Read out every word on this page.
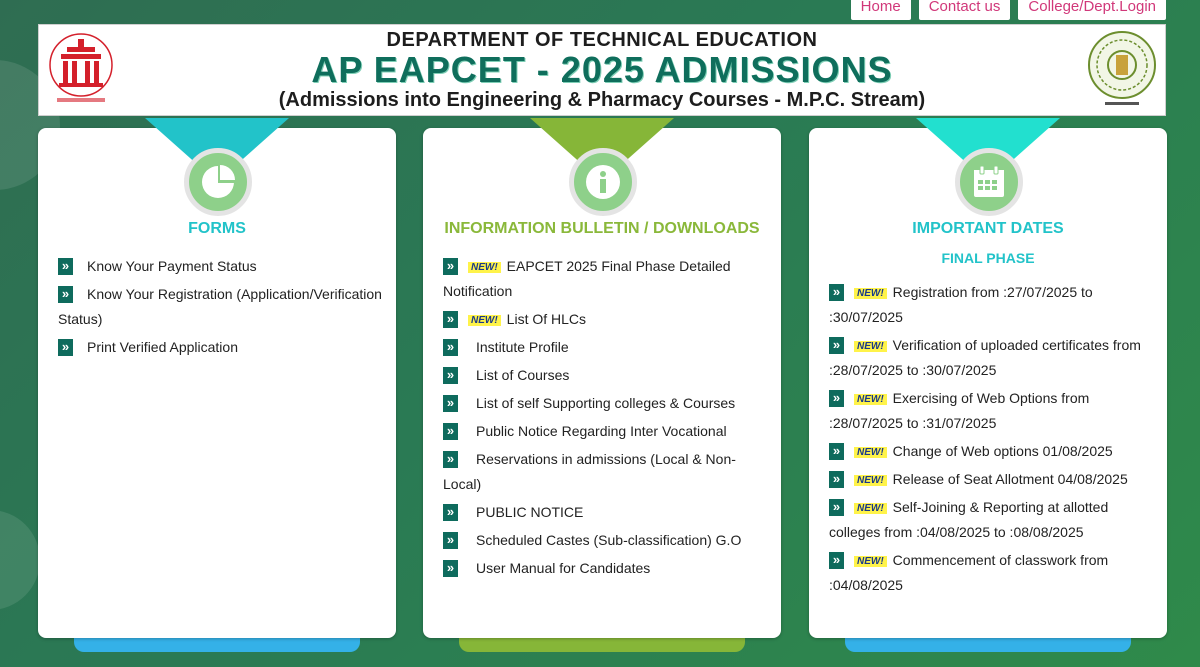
Home	Contact us	College/Dept.Login
DEPARTMENT OF TECHNICAL EDUCATION
AP EAPCET - 2025 ADMISSIONS
(Admissions into Engineering & Pharmacy Courses - M.P.C. Stream)
FORMS
» Know Your Payment Status
» Know Your Registration (Application/Verification Status)
» Print Verified Application
INFORMATION BULLETIN / DOWNLOADS
» NEW! EAPCET 2025 Final Phase Detailed Notification
» NEW! List Of HLCs
» Institute Profile
» List of Courses
» List of self Supporting colleges & Courses
» Public Notice Regarding Inter Vocational
» Reservations in admissions (Local & Non-Local)
» PUBLIC NOTICE
» Scheduled Castes (Sub-classification) G.O
» User Manual for Candidates
IMPORTANT DATES
FINAL PHASE
» NEW! Registration from :27/07/2025 to :30/07/2025
» NEW! Verification of uploaded certificates from :28/07/2025 to :30/07/2025
» NEW! Exercising of Web Options from :28/07/2025 to :31/07/2025
» NEW! Change of Web options 01/08/2025
» NEW! Release of Seat Allotment 04/08/2025
» NEW! Self-Joining & Reporting at allotted colleges from :04/08/2025 to :08/08/2025
» NEW! Commencement of classwork from :04/08/2025
